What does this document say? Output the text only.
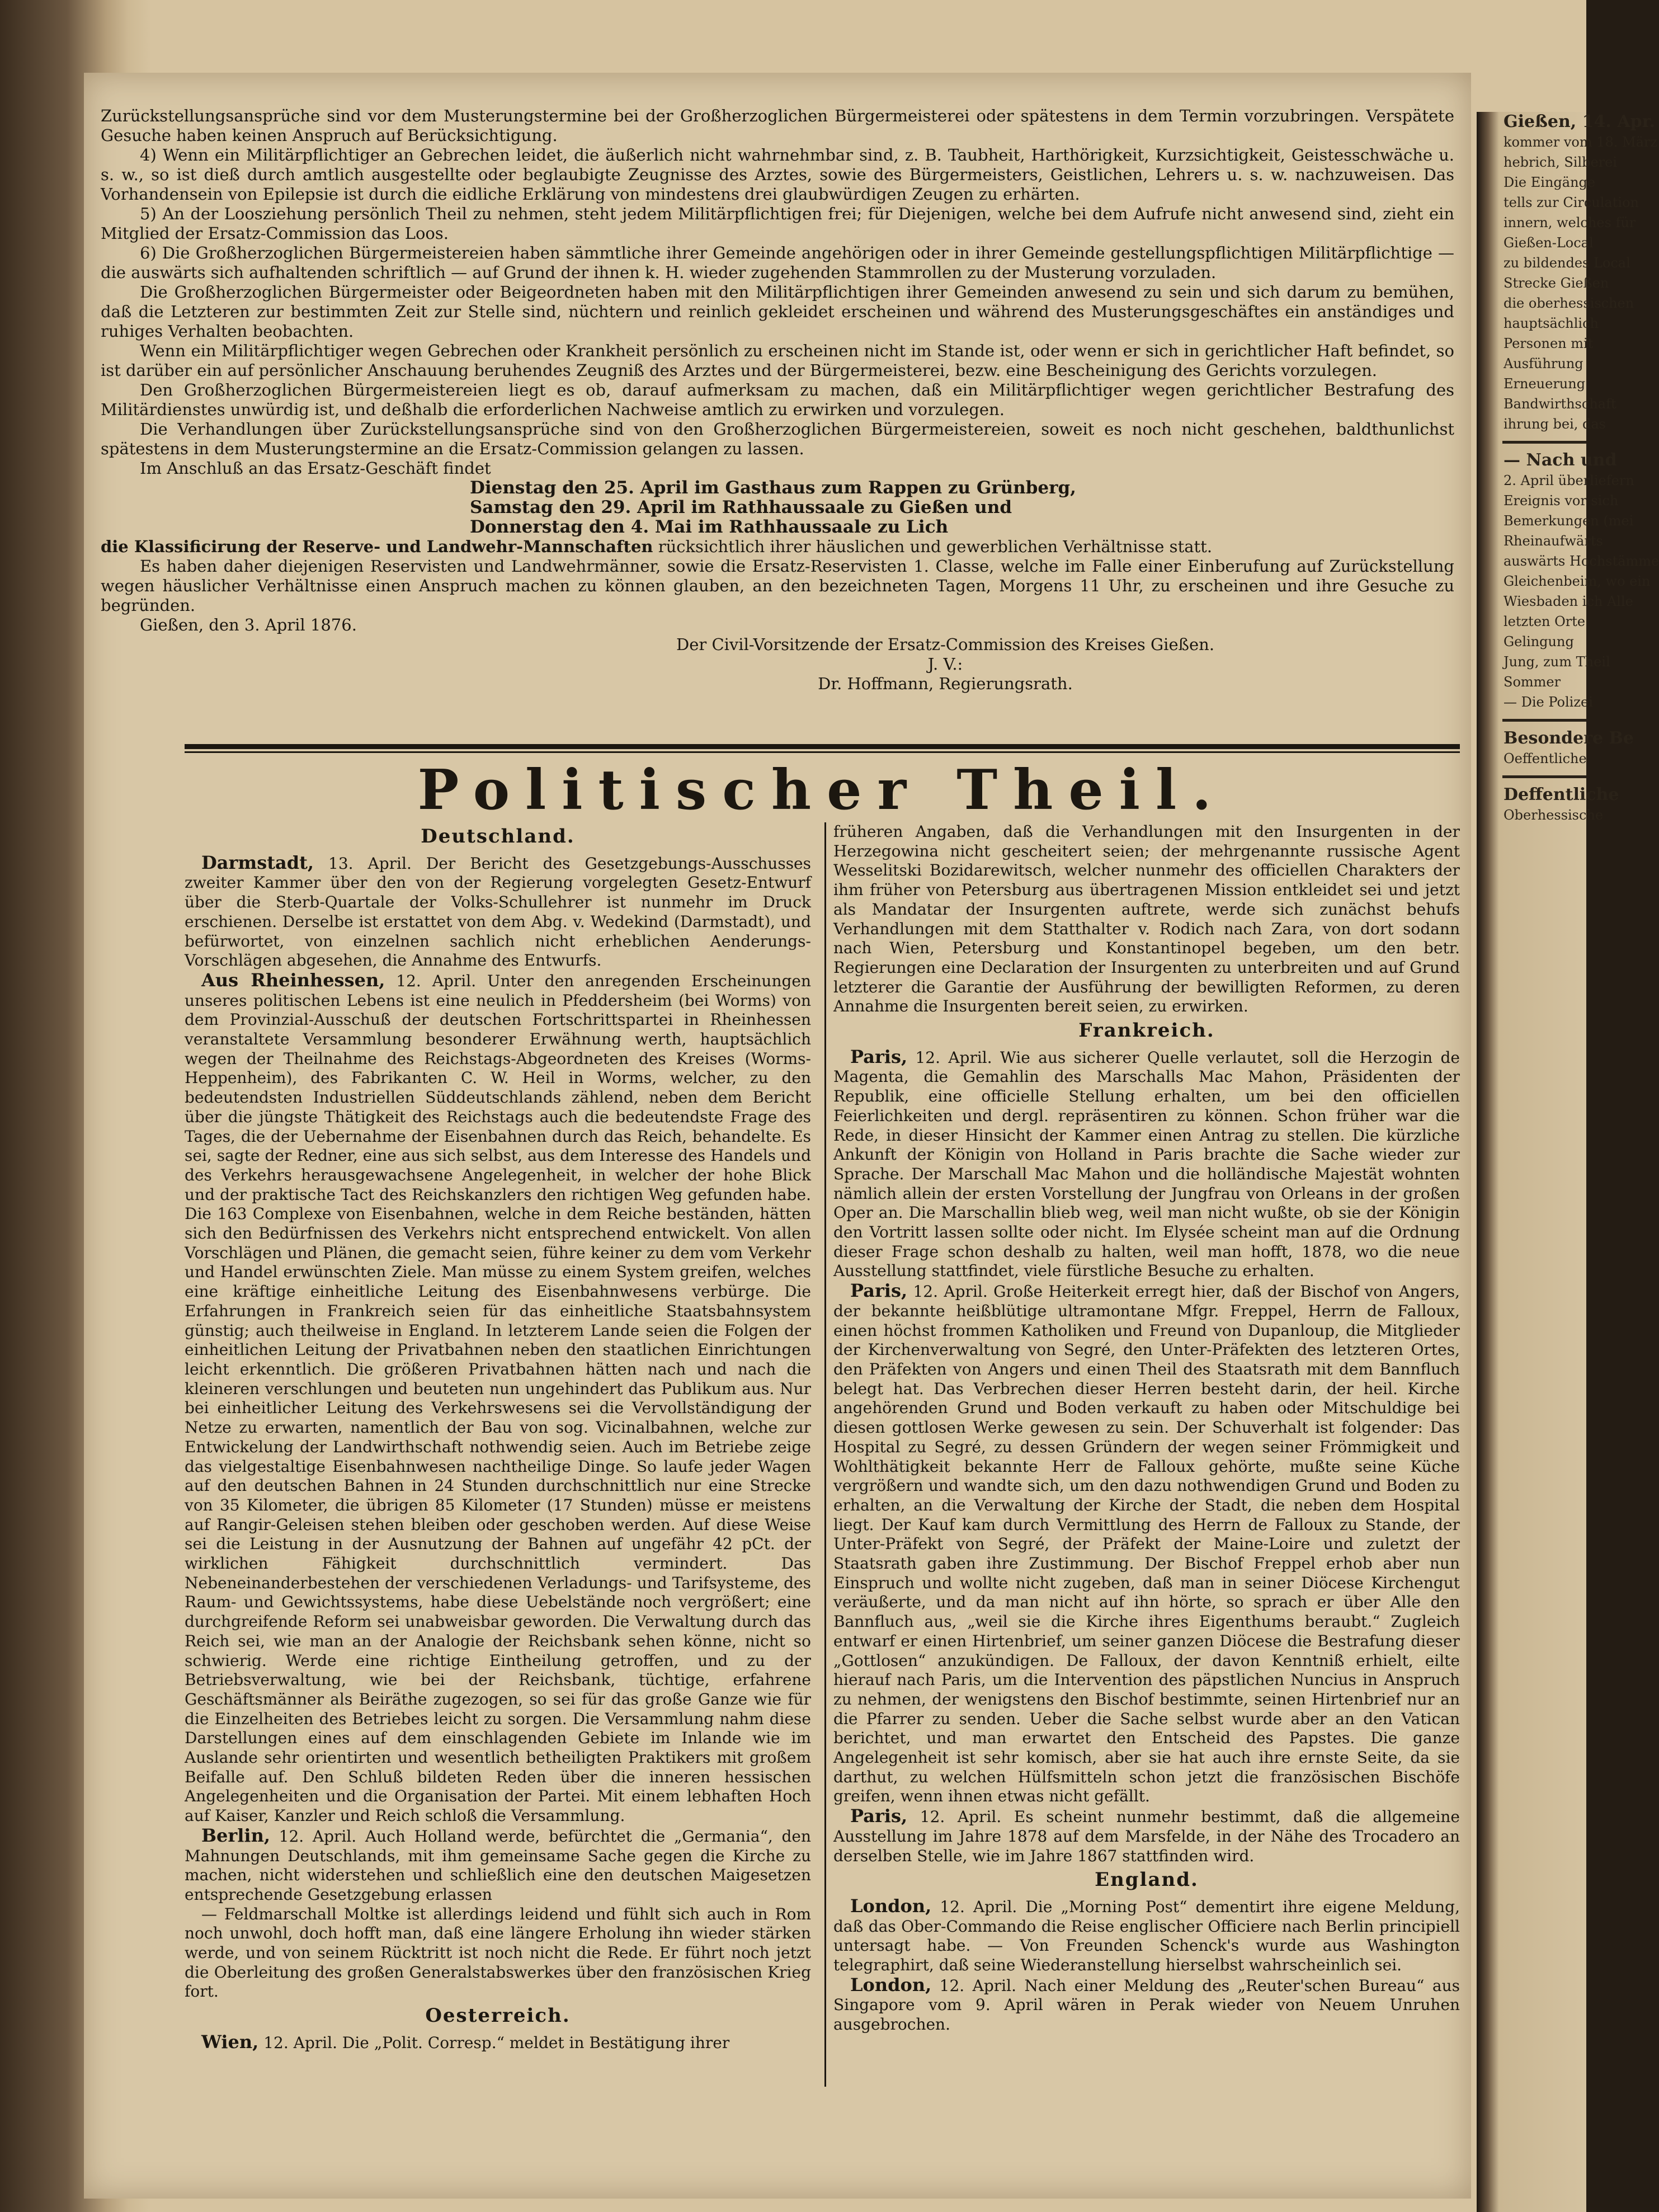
Gießen, 14. Apr.
kommer vom 18. März
hebrich, Silberei
Die Eingänge
tells zur Circulation
innern, welches für
Gießen-Local
zu bildendes Local
Strecke Gießen
die oberhessischen
hauptsächlich
Personen mit
Ausführung
Erneuerung
Bandwirthschaft
ihrung bei, das
— Nach und
2. April überliefern
Ereignis vor sich
Bemerkungen (mei
Rheinaufwärts
auswärts Hochstämme
Gleichenbeim, wo ein
Wiesbaden ich Alle
letzten Orte
Gelingung
Jung, zum Theil
Sommer
— Die Polizei
Besondere Be
Oeffentliche
Deffentliche
Oberhessische

Zurückstellungsansprüche sind vor dem Musterungstermine bei der Großherzoglichen Bürgermeisterei oder spätestens in dem Termin vorzubringen. Verspätete Gesuche haben keinen Anspruch auf Berücksichtigung.

4) Wenn ein Militärpflichtiger an Gebrechen leidet, die äußerlich nicht wahrnehmbar sind, z. B. Taubheit, Harthörigkeit, Kurzsichtigkeit, Geistesschwäche u. s. w., so ist dieß durch amtlich ausgestellte oder beglaubigte Zeugnisse des Arztes, sowie des Bürgermeisters, Geistlichen, Lehrers u. s. w. nachzuweisen. Das Vorhandensein von Epilepsie ist durch die eidliche Erklärung von mindestens drei glaubwürdigen Zeugen zu erhärten.

5) An der Loosziehung persönlich Theil zu nehmen, steht jedem Militärpflichtigen frei; für Diejenigen, welche bei dem Aufrufe nicht anwesend sind, zieht ein Mitglied der Ersatz-Commission das Loos.

6) Die Großherzoglichen Bürgermeistereien haben sämmtliche ihrer Gemeinde angehörigen oder in ihrer Gemeinde gestellungspflichtigen Militärpflichtige — die auswärts sich aufhaltenden schriftlich — auf Grund der ihnen k. H. wieder zugehenden Stammrollen zu der Musterung vorzuladen.

Die Großherzoglichen Bürgermeister oder Beigeordneten haben mit den Militärpflichtigen ihrer Gemeinden anwesend zu sein und sich darum zu bemühen, daß die Letzteren zur bestimmten Zeit zur Stelle sind, nüchtern und reinlich gekleidet erscheinen und während des Musterungsgeschäftes ein anständiges und ruhiges Verhalten beobachten.

Wenn ein Militärpflichtiger wegen Gebrechen oder Krankheit persönlich zu erscheinen nicht im Stande ist, oder wenn er sich in gerichtlicher Haft befindet, so ist darüber ein auf persönlicher Anschauung beruhendes Zeugniß des Arztes und der Bürgermeisterei, bezw. eine Bescheinigung des Gerichts vorzulegen.

Den Großherzoglichen Bürgermeistereien liegt es ob, darauf aufmerksam zu machen, daß ein Militärpflichtiger wegen gerichtlicher Bestrafung des Militärdienstes unwürdig ist, und deßhalb die erforderlichen Nachweise amtlich zu erwirken und vorzulegen.

Die Verhandlungen über Zurückstellungsansprüche sind von den Großherzoglichen Bürgermeistereien, soweit es noch nicht geschehen, baldthunlichst spätestens in dem Musterungstermine an die Ersatz-Commission gelangen zu lassen.

Im Anschluß an das Ersatz-Geschäft findet

Dienstag den 25. April im Gasthaus zum Rappen zu Grünberg,

Samstag den 29. April im Rathhaussaale zu Gießen und

Donnerstag den 4. Mai im Rathhaussaale zu Lich

die Klassificirung der Reserve- und Landwehr-Mannschaften rücksichtlich ihrer häuslichen und gewerblichen Verhältnisse statt.

Es haben daher diejenigen Reservisten und Landwehrmänner, sowie die Ersatz-Reservisten 1. Classe, welche im Falle einer Einberufung auf Zurückstellung wegen häuslicher Verhältnisse einen Anspruch machen zu können glauben, an den bezeichneten Tagen, Morgens 11 Uhr, zu erscheinen und ihre Gesuche zu begründen.

Gießen, den 3. April 1876.

Der Civil-Vorsitzende der Ersatz-Commission des Kreises Gießen.

J. V.:

Dr. Hoffmann, Regierungsrath.

Politischer Theil.
Deutschland.

Darmstadt, 13. April. Der Bericht des Gesetzgebungs-Ausschusses zweiter Kammer über den von der Regierung vorgelegten Gesetz-Entwurf über die Sterb-Quartale der Volks-Schullehrer ist nunmehr im Druck erschienen. Derselbe ist erstattet von dem Abg. v. Wedekind (Darmstadt), und befürwortet, von einzelnen sachlich nicht erheblichen Aenderungs-Vorschlägen abgesehen, die Annahme des Entwurfs.

Aus Rheinhessen, 12. April. Unter den anregenden Erscheinungen unseres politischen Lebens ist eine neulich in Pfeddersheim (bei Worms) von dem Provinzial-Ausschuß der deutschen Fortschrittspartei in Rheinhessen veranstaltete Versammlung besonderer Erwähnung werth, hauptsächlich wegen der Theilnahme des Reichstags-Abgeordneten des Kreises (Worms-Heppenheim), des Fabrikanten C. W. Heil in Worms, welcher, zu den bedeutendsten Industriellen Süddeutschlands zählend, neben dem Bericht über die jüngste Thätigkeit des Reichstags auch die bedeutendste Frage des Tages, die der Uebernahme der Eisenbahnen durch das Reich, behandelte. Es sei, sagte der Redner, eine aus sich selbst, aus dem Interesse des Handels und des Verkehrs herausgewachsene Angelegenheit, in welcher der hohe Blick und der praktische Tact des Reichskanzlers den richtigen Weg gefunden habe. Die 163 Complexe von Eisenbahnen, welche in dem Reiche beständen, hätten sich den Bedürfnissen des Verkehrs nicht entsprechend entwickelt. Von allen Vorschlägen und Plänen, die gemacht seien, führe keiner zu dem vom Verkehr und Handel erwünschten Ziele. Man müsse zu einem System greifen, welches eine kräftige einheitliche Leitung des Eisenbahnwesens verbürge. Die Erfahrungen in Frankreich seien für das einheitliche Staatsbahnsystem günstig; auch theilweise in England. In letzterem Lande seien die Folgen der einheitlichen Leitung der Privatbahnen neben den staatlichen Einrichtungen leicht erkenntlich. Die größeren Privatbahnen hätten nach und nach die kleineren verschlungen und beuteten nun ungehindert das Publikum aus. Nur bei einheitlicher Leitung des Verkehrswesens sei die Vervollständigung der Netze zu erwarten, namentlich der Bau von sog. Vicinalbahnen, welche zur Entwickelung der Landwirthschaft nothwendig seien. Auch im Betriebe zeige das vielgestaltige Eisenbahnwesen nachtheilige Dinge. So laufe jeder Wagen auf den deutschen Bahnen in 24 Stunden durchschnittlich nur eine Strecke von 35 Kilometer, die übrigen 85 Kilometer (17 Stunden) müsse er meistens auf Rangir-Geleisen stehen bleiben oder geschoben werden. Auf diese Weise sei die Leistung in der Ausnutzung der Bahnen auf ungefähr 42 pCt. der wirklichen Fähigkeit durchschnittlich vermindert. Das Nebeneinanderbestehen der verschiedenen Verladungs- und Tarifsysteme, des Raum- und Gewichtssystems, habe diese Uebelstände noch vergrößert; eine durchgreifende Reform sei unabweisbar geworden. Die Verwaltung durch das Reich sei, wie man an der Analogie der Reichsbank sehen könne, nicht so schwierig. Werde eine richtige Eintheilung getroffen, und zu der Betriebsverwaltung, wie bei der Reichsbank, tüchtige, erfahrene Geschäftsmänner als Beiräthe zugezogen, so sei für das große Ganze wie für die Einzelheiten des Betriebes leicht zu sorgen. Die Versammlung nahm diese Darstellungen eines auf dem einschlagenden Gebiete im Inlande wie im Auslande sehr orientirten und wesentlich betheiligten Praktikers mit großem Beifalle auf. Den Schluß bildeten Reden über die inneren hessischen Angelegenheiten und die Organisation der Partei. Mit einem lebhaften Hoch auf Kaiser, Kanzler und Reich schloß die Versammlung.

Berlin, 12. April. Auch Holland werde, befürchtet die „Germania“, den Mahnungen Deutschlands, mit ihm gemeinsame Sache gegen die Kirche zu machen, nicht widerstehen und schließlich eine den deutschen Maigesetzen entsprechende Gesetzgebung erlassen

— Feldmarschall Moltke ist allerdings leidend und fühlt sich auch in Rom noch unwohl, doch hofft man, daß eine längere Erholung ihn wieder stärken werde, und von seinem Rücktritt ist noch nicht die Rede. Er führt noch jetzt die Oberleitung des großen Generalstabswerkes über den französischen Krieg fort.

Oesterreich.

Wien, 12. April. Die „Polit. Corresp.“ meldet in Bestätigung ihrer

früheren Angaben, daß die Verhandlungen mit den Insurgenten in der Herzegowina nicht gescheitert seien; der mehrgenannte russische Agent Wesselitski Bozidarewitsch, welcher nunmehr des officiellen Charakters der ihm früher von Petersburg aus übertragenen Mission entkleidet sei und jetzt als Mandatar der Insurgenten auftrete, werde sich zunächst behufs Verhandlungen mit dem Statthalter v. Rodich nach Zara, von dort sodann nach Wien, Petersburg und Konstantinopel begeben, um den betr. Regierungen eine Declaration der Insurgenten zu unterbreiten und auf Grund letzterer die Garantie der Ausführung der bewilligten Reformen, zu deren Annahme die Insurgenten bereit seien, zu erwirken.

Frankreich.

Paris, 12. April. Wie aus sicherer Quelle verlautet, soll die Herzogin de Magenta, die Gemahlin des Marschalls Mac Mahon, Präsidenten der Republik, eine officielle Stellung erhalten, um bei den officiellen Feierlichkeiten und dergl. repräsentiren zu können. Schon früher war die Rede, in dieser Hinsicht der Kammer einen Antrag zu stellen. Die kürzliche Ankunft der Königin von Holland in Paris brachte die Sache wieder zur Sprache. Der Marschall Mac Mahon und die holländische Majestät wohnten nämlich allein der ersten Vorstellung der Jungfrau von Orleans in der großen Oper an. Die Marschallin blieb weg, weil man nicht wußte, ob sie der Königin den Vortritt lassen sollte oder nicht. Im Elysée scheint man auf die Ordnung dieser Frage schon deshalb zu halten, weil man hofft, 1878, wo die neue Ausstellung stattfindet, viele fürstliche Besuche zu erhalten.

Paris, 12. April. Große Heiterkeit erregt hier, daß der Bischof von Angers, der bekannte heißblütige ultramontane Mfgr. Freppel, Herrn de Falloux, einen höchst frommen Katholiken und Freund von Dupanloup, die Mitglieder der Kirchenverwaltung von Segré, den Unter-Präfekten des letzteren Ortes, den Präfekten von Angers und einen Theil des Staatsrath mit dem Bannfluch belegt hat. Das Verbrechen dieser Herren besteht darin, der heil. Kirche angehörenden Grund und Boden verkauft zu haben oder Mitschuldige bei diesen gottlosen Werke gewesen zu sein. Der Schuverhalt ist folgender: Das Hospital zu Segré, zu dessen Gründern der wegen seiner Frömmigkeit und Wohlthätigkeit bekannte Herr de Falloux gehörte, mußte seine Küche vergrößern und wandte sich, um den dazu nothwendigen Grund und Boden zu erhalten, an die Verwaltung der Kirche der Stadt, die neben dem Hospital liegt. Der Kauf kam durch Vermittlung des Herrn de Falloux zu Stande, der Unter-Präfekt von Segré, der Präfekt der Maine-Loire und zuletzt der Staatsrath gaben ihre Zustimmung. Der Bischof Freppel erhob aber nun Einspruch und wollte nicht zugeben, daß man in seiner Diöcese Kirchengut veräußerte, und da man nicht auf ihn hörte, so sprach er über Alle den Bannfluch aus, „weil sie die Kirche ihres Eigenthums beraubt.“ Zugleich entwarf er einen Hirtenbrief, um seiner ganzen Diöcese die Bestrafung dieser „Gottlosen“ anzukündigen. De Falloux, der davon Kenntniß erhielt, eilte hierauf nach Paris, um die Intervention des päpstlichen Nuncius in Anspruch zu nehmen, der wenigstens den Bischof bestimmte, seinen Hirtenbrief nur an die Pfarrer zu senden. Ueber die Sache selbst wurde aber an den Vatican berichtet, und man erwartet den Entscheid des Papstes. Die ganze Angelegenheit ist sehr komisch, aber sie hat auch ihre ernste Seite, da sie darthut, zu welchen Hülfsmitteln schon jetzt die französischen Bischöfe greifen, wenn ihnen etwas nicht gefällt.

Paris, 12. April. Es scheint nunmehr bestimmt, daß die allgemeine Ausstellung im Jahre 1878 auf dem Marsfelde, in der Nähe des Trocadero an derselben Stelle, wie im Jahre 1867 stattfinden wird.

England.

London, 12. April. Die „Morning Post“ dementirt ihre eigene Meldung, daß das Ober-Commando die Reise englischer Officiere nach Berlin principiell untersagt habe. — Von Freunden Schenck's wurde aus Washington telegraphirt, daß seine Wiederanstellung hierselbst wahrscheinlich sei.

London, 12. April. Nach einer Meldung des „Reuter'schen Bureau“ aus Singapore vom 9. April wären in Perak wieder von Neuem Unruhen ausgebrochen.
